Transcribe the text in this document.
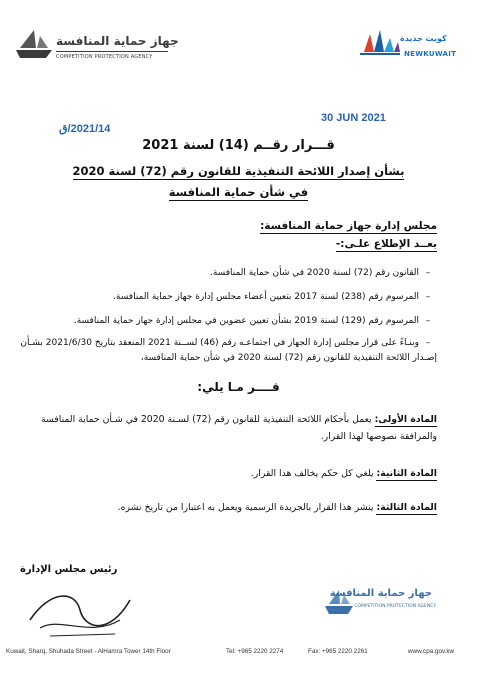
جهاز حماية المنافسة
COMPETITION PROTECTION AGENCY
كويت جديدة
NEWKUWAIT
30 JUN 2021
2021/14/ق
قـــرار رقــم (14) لسنة 2021
بشأن إصدار اللائحة التنفيذية للقانون رقم (72) لسنة 2020
في شأن حماية المنافسة
مجلس إدارة جهاز حماية المنافسة:
بعــد الإطلاع علـى:-
–القانون رقم (72) لسنة 2020 في شأن حماية المنافسة.
–المرسوم رقم (238) لسنة 2017 بتعيين أعضاء مجلس إدارة جهاز حماية المنافسة.
–المرسوم رقم (129) لسنة 2019 بشأن تعيين عضوين في مجلس إدارة جهاز حماية المنافسة.
–وبنـاءً على قرار مجلس إدارة الجهاز في اجتماعـه رقم (46) لســنة 2021 المنعقد بتاريخ 2021/6/30 بشـأن إصـدار اللائحة التنفيذية للقانون رقم (72) لسنة 2020 في شأن حماية المنافسة،
قــــر مـا يلي:
المادة الأولى: يعمل بأحكام اللائحة التنفيذية للقانون رقم (72) لسـنة 2020 في شـأن حماية المنافسة والمرافقة نصوصها لهذا القرار.
المادة الثانية: يلغي كل حكم يخالف هذا القرار.
المادة الثالثة: ينشر هذا القرار بالجريدة الرسمية ويعمل به اعتبارا من تاريخ نشره.
رئيس مجلس الإدارة
جهاز حماية المنافسة
COMPETITION PROTECTION AGENCY
Kuwait, Sharq, Shuhada Street - AlHamra Tower 14th Floor	Tel: +965 2220 2274	Fax: +965 2220 2261	www.cpa.gov.kw
